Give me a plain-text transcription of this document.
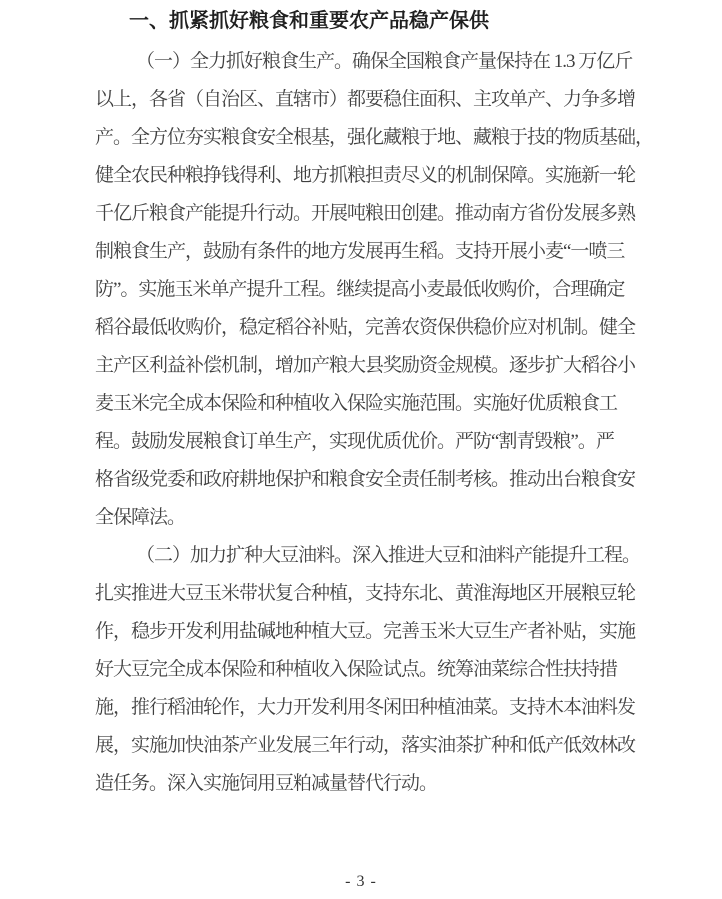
一、抓紧抓好粮食和重要农产品稳产保供
（一）全力抓好粮食生产。确保全国粮食产量保持在 1.3 万亿斤
以上，各省（自治区、直辖市）都要稳住面积、主攻单产、力争多增
产。全方位夯实粮食安全根基，强化藏粮于地、藏粮于技的物质基础，
健全农民种粮挣钱得利、地方抓粮担责尽义的机制保障。实施新一轮
千亿斤粮食产能提升行动。开展吨粮田创建。推动南方省份发展多熟
制粮食生产，鼓励有条件的地方发展再生稻。支持开展小麦“一喷三
防”。实施玉米单产提升工程。继续提高小麦最低收购价，合理确定
稻谷最低收购价，稳定稻谷补贴，完善农资保供稳价应对机制。健全
主产区利益补偿机制，增加产粮大县奖励资金规模。逐步扩大稻谷小
麦玉米完全成本保险和种植收入保险实施范围。实施好优质粮食工
程。鼓励发展粮食订单生产，实现优质优价。严防“割青毁粮”。严
格省级党委和政府耕地保护和粮食安全责任制考核。推动出台粮食安
全保障法。
（二）加力扩种大豆油料。深入推进大豆和油料产能提升工程。
扎实推进大豆玉米带状复合种植，支持东北、黄淮海地区开展粮豆轮
作，稳步开发利用盐碱地种植大豆。完善玉米大豆生产者补贴，实施
好大豆完全成本保险和种植收入保险试点。统筹油菜综合性扶持措
施，推行稻油轮作，大力开发利用冬闲田种植油菜。支持木本油料发
展，实施加快油茶产业发展三年行动，落实油茶扩种和低产低效林改
造任务。深入实施饲用豆粕减量替代行动。
- 3 -
